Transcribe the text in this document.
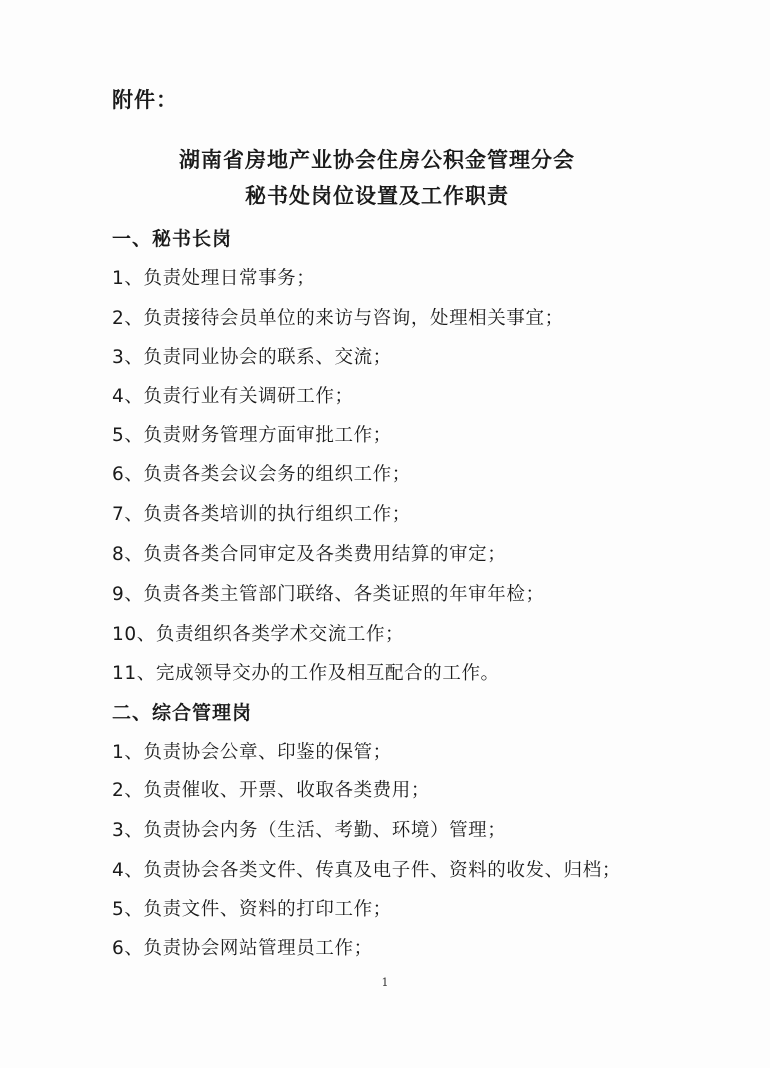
附件：
湖南省房地产业协会住房公积金管理分会
秘书处岗位设置及工作职责
一、秘书长岗
1、负责处理日常事务；
2、负责接待会员单位的来访与咨询，处理相关事宜；
3、负责同业协会的联系、交流；
4、负责行业有关调研工作；
5、负责财务管理方面审批工作；
6、负责各类会议会务的组织工作；
7、负责各类培训的执行组织工作；
8、负责各类合同审定及各类费用结算的审定；
9、负责各类主管部门联络、各类证照的年审年检；
10、负责组织各类学术交流工作；
11、完成领导交办的工作及相互配合的工作。
二、综合管理岗
1、负责协会公章、印鉴的保管；
2、负责催收、开票、收取各类费用；
3、负责协会内务（生活、考勤、环境）管理；
4、负责协会各类文件、传真及电子件、资料的收发、归档；
5、负责文件、资料的打印工作；
6、负责协会网站管理员工作；
1
